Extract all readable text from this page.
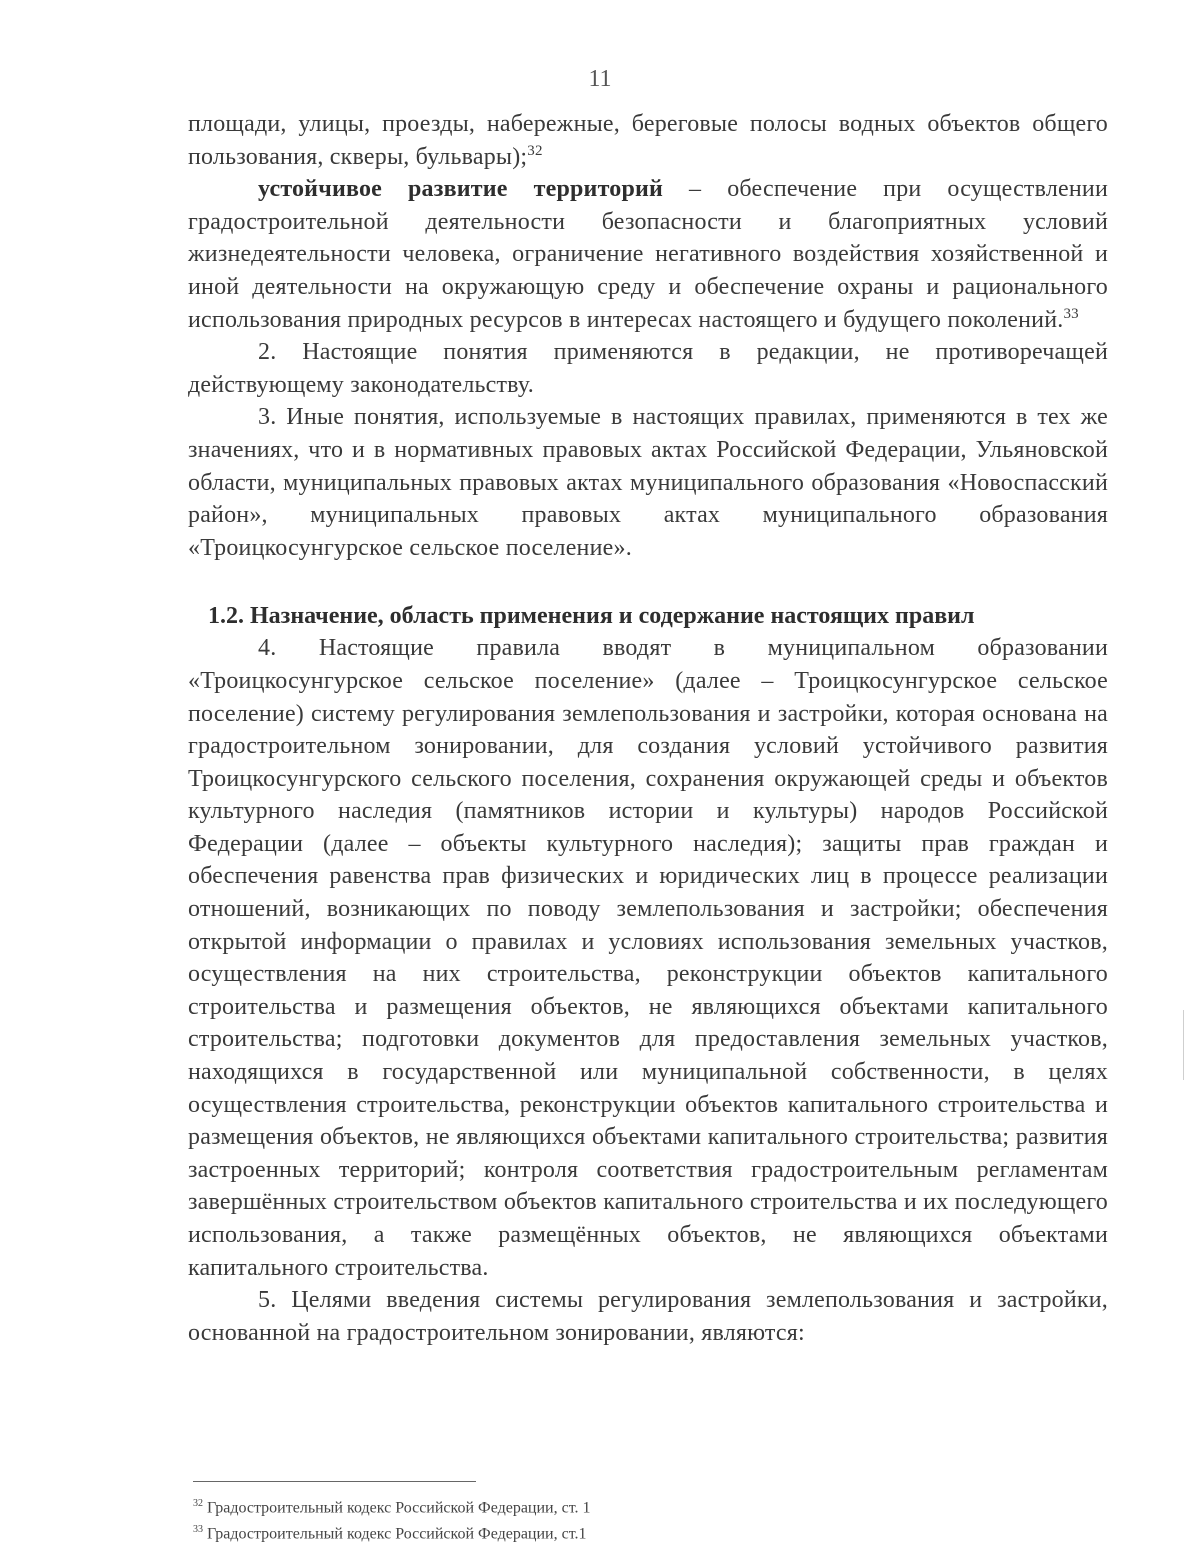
11

площади, улицы, проезды, набережные, береговые полосы водных объектов общего пользования, скверы, бульвары);$^{32}$

устойчивое развитие территорий – обеспечение при осуществлении градостроительной деятельности безопасности и благоприятных условий жизнедеятельности человека, ограничение негативного воздействия хозяйственной и иной деятельности на окружающую среду и обеспечение охраны и рационального использования природных ресурсов в интересах настоящего и будущего поколений.$^{33}$

2. Настоящие понятия применяются в редакции, не противоречащей действующему законодательству.

3. Иные понятия, используемые в настоящих правилах, применяются в тех же значениях, что и в нормативных правовых актах Российской Федерации, Ульяновской области, муниципальных правовых актах муниципального образования «Новоспасский район», муниципальных правовых актах муниципального образования «Троицкосунгурское сельское поселение».

1.2. Назначение, область применения и содержание настоящих правил

4. Настоящие правила вводят в муниципальном образовании «Троицкосунгурское сельское поселение» (далее – Троицкосунгурское сельское поселение) систему регулирования землепользования и застройки, которая основана на градостроительном зонировании, для создания условий устойчивого развития Троицкосунгурского сельского поселения, сохранения окружающей среды и объектов культурного наследия (памятников истории и культуры) народов Российской Федерации (далее – объекты культурного наследия); защиты прав граждан и обеспечения равенства прав физических и юридических лиц в процессе реализации отношений, возникающих по поводу землепользования и застройки; обеспечения открытой информации о правилах и условиях использования земельных участков, осуществления на них строительства, реконструкции объектов капитального строительства и размещения объектов, не являющихся объектами капитального строительства; подготовки документов для предоставления земельных участков, находящихся в государственной или муниципальной собственности, в целях осуществления строительства, реконструкции объектов капитального строительства и размещения объектов, не являющихся объектами капитального строительства; развития застроенных территорий; контроля соответствия градостроительным регламентам завершённых строительством объектов капитального строительства и их последующего использования, а также размещённых объектов, не являющихся объектами капитального строительства.

5. Целями введения системы регулирования землепользования и застройки, основанной на градостроительном зонировании, являются:

$^{32}$ Градостроительный кодекс Российской Федерации, ст. 1

$^{33}$ Градостроительный кодекс Российской Федерации, ст.1
